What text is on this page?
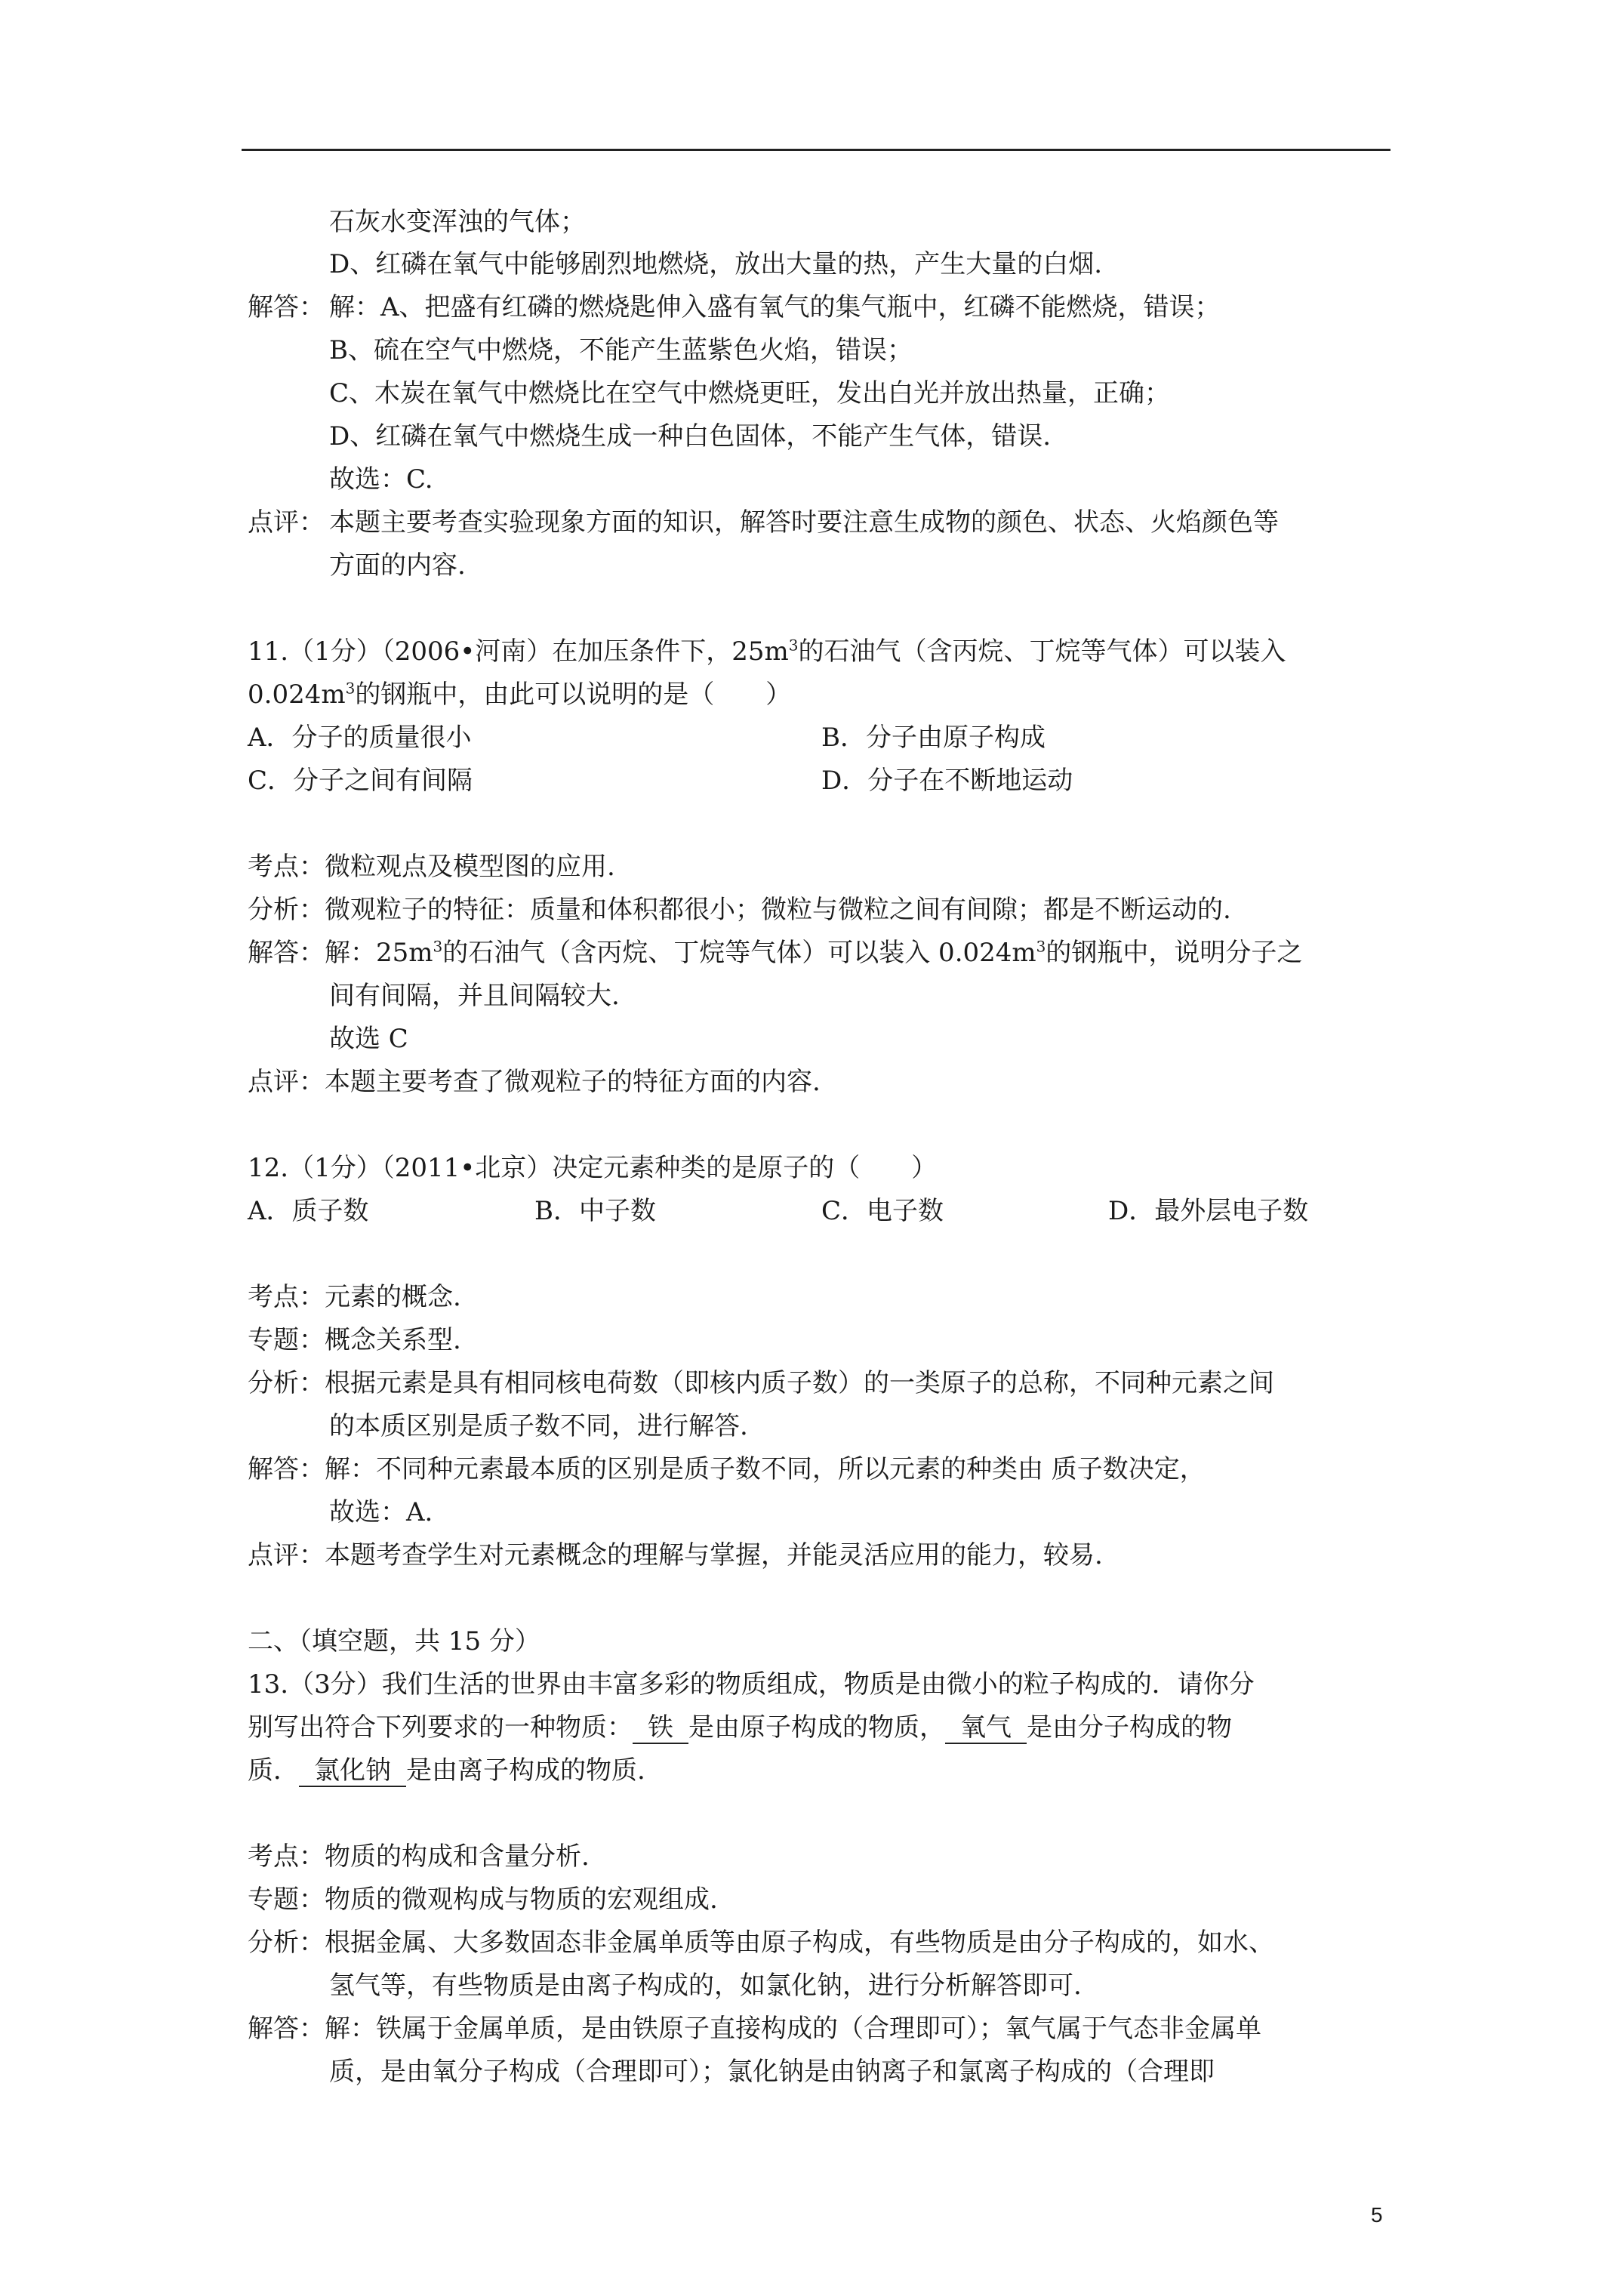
石灰水变浑浊的气体；
D、红磷在氧气中能够剧烈地燃烧，放出大量的热，产生大量的白烟.
解答： 解：A、把盛有红磷的燃烧匙伸入盛有氧气的集气瓶中，红磷不能燃烧，错误；
B、硫在空气中燃烧，不能产生蓝紫色火焰，错误；
C、木炭在氧气中燃烧比在空气中燃烧更旺，发出白光并放出热量，正确；
D、红磷在氧气中燃烧生成一种白色固体，不能产生气体，错误.
故选：C.
点评： 本题主要考查实验现象方面的知识，解答时要注意生成物的颜色、状态、火焰颜色等
方面的内容.
11.（1分）（2006•河南）在加压条件下，$25m^3$的石油气（含丙烷、丁烷等气体）可以装入
$0.024m^3$的钢瓶中，由此可以说明的是（　　）
A．分子的质量很小	B．分子由原子构成
C．分子之间有间隔	D．分子在不断地运动
考点：微粒观点及模型图的应用.
分析：微观粒子的特征：质量和体积都很小；微粒与微粒之间有间隙；都是不断运动的.
解答：解：$25m^3$的石油气（含丙烷、丁烷等气体）可以装入 $0.024m^3$的钢瓶中，说明分子之
间有间隔，并且间隔较大.
故选 C
点评：本题主要考查了微观粒子的特征方面的内容.
12.（1分）（2011•北京）决定元素种类的是原子的（　　）
A．质子数	B．中子数	C．电子数	D．最外层电子数
考点：元素的概念.
专题：概念关系型.
分析：根据元素是具有相同核电荷数（即核内质子数）的一类原子的总称，不同种元素之间
的本质区别是质子数不同，进行解答.
解答：解：不同种元素最本质的区别是质子数不同，所以元素的种类由 质子数决定，
故选：A.
点评：本题考查学生对元素概念的理解与掌握，并能灵活应用的能力，较易.
二、（填空题，共 15 分）
13.（3分）我们生活的世界由丰富多彩的物质组成，物质是由微小的粒子构成的．请你分
别写出符合下列要求的一种物质： 铁 是由原子构成的物质， 氧气 是由分子构成的物
质． 氯化钠 是由离子构成的物质.
考点：物质的构成和含量分析.
专题：物质的微观构成与物质的宏观组成.
分析：根据金属、大多数固态非金属单质等由原子构成，有些物质是由分子构成的，如水、
氢气等，有些物质是由离子构成的，如氯化钠，进行分析解答即可.
解答：解：铁属于金属单质，是由铁原子直接构成的（合理即可）；氧气属于气态非金属单
质，是由氧分子构成（合理即可）；氯化钠是由钠离子和氯离子构成的（合理即
5
